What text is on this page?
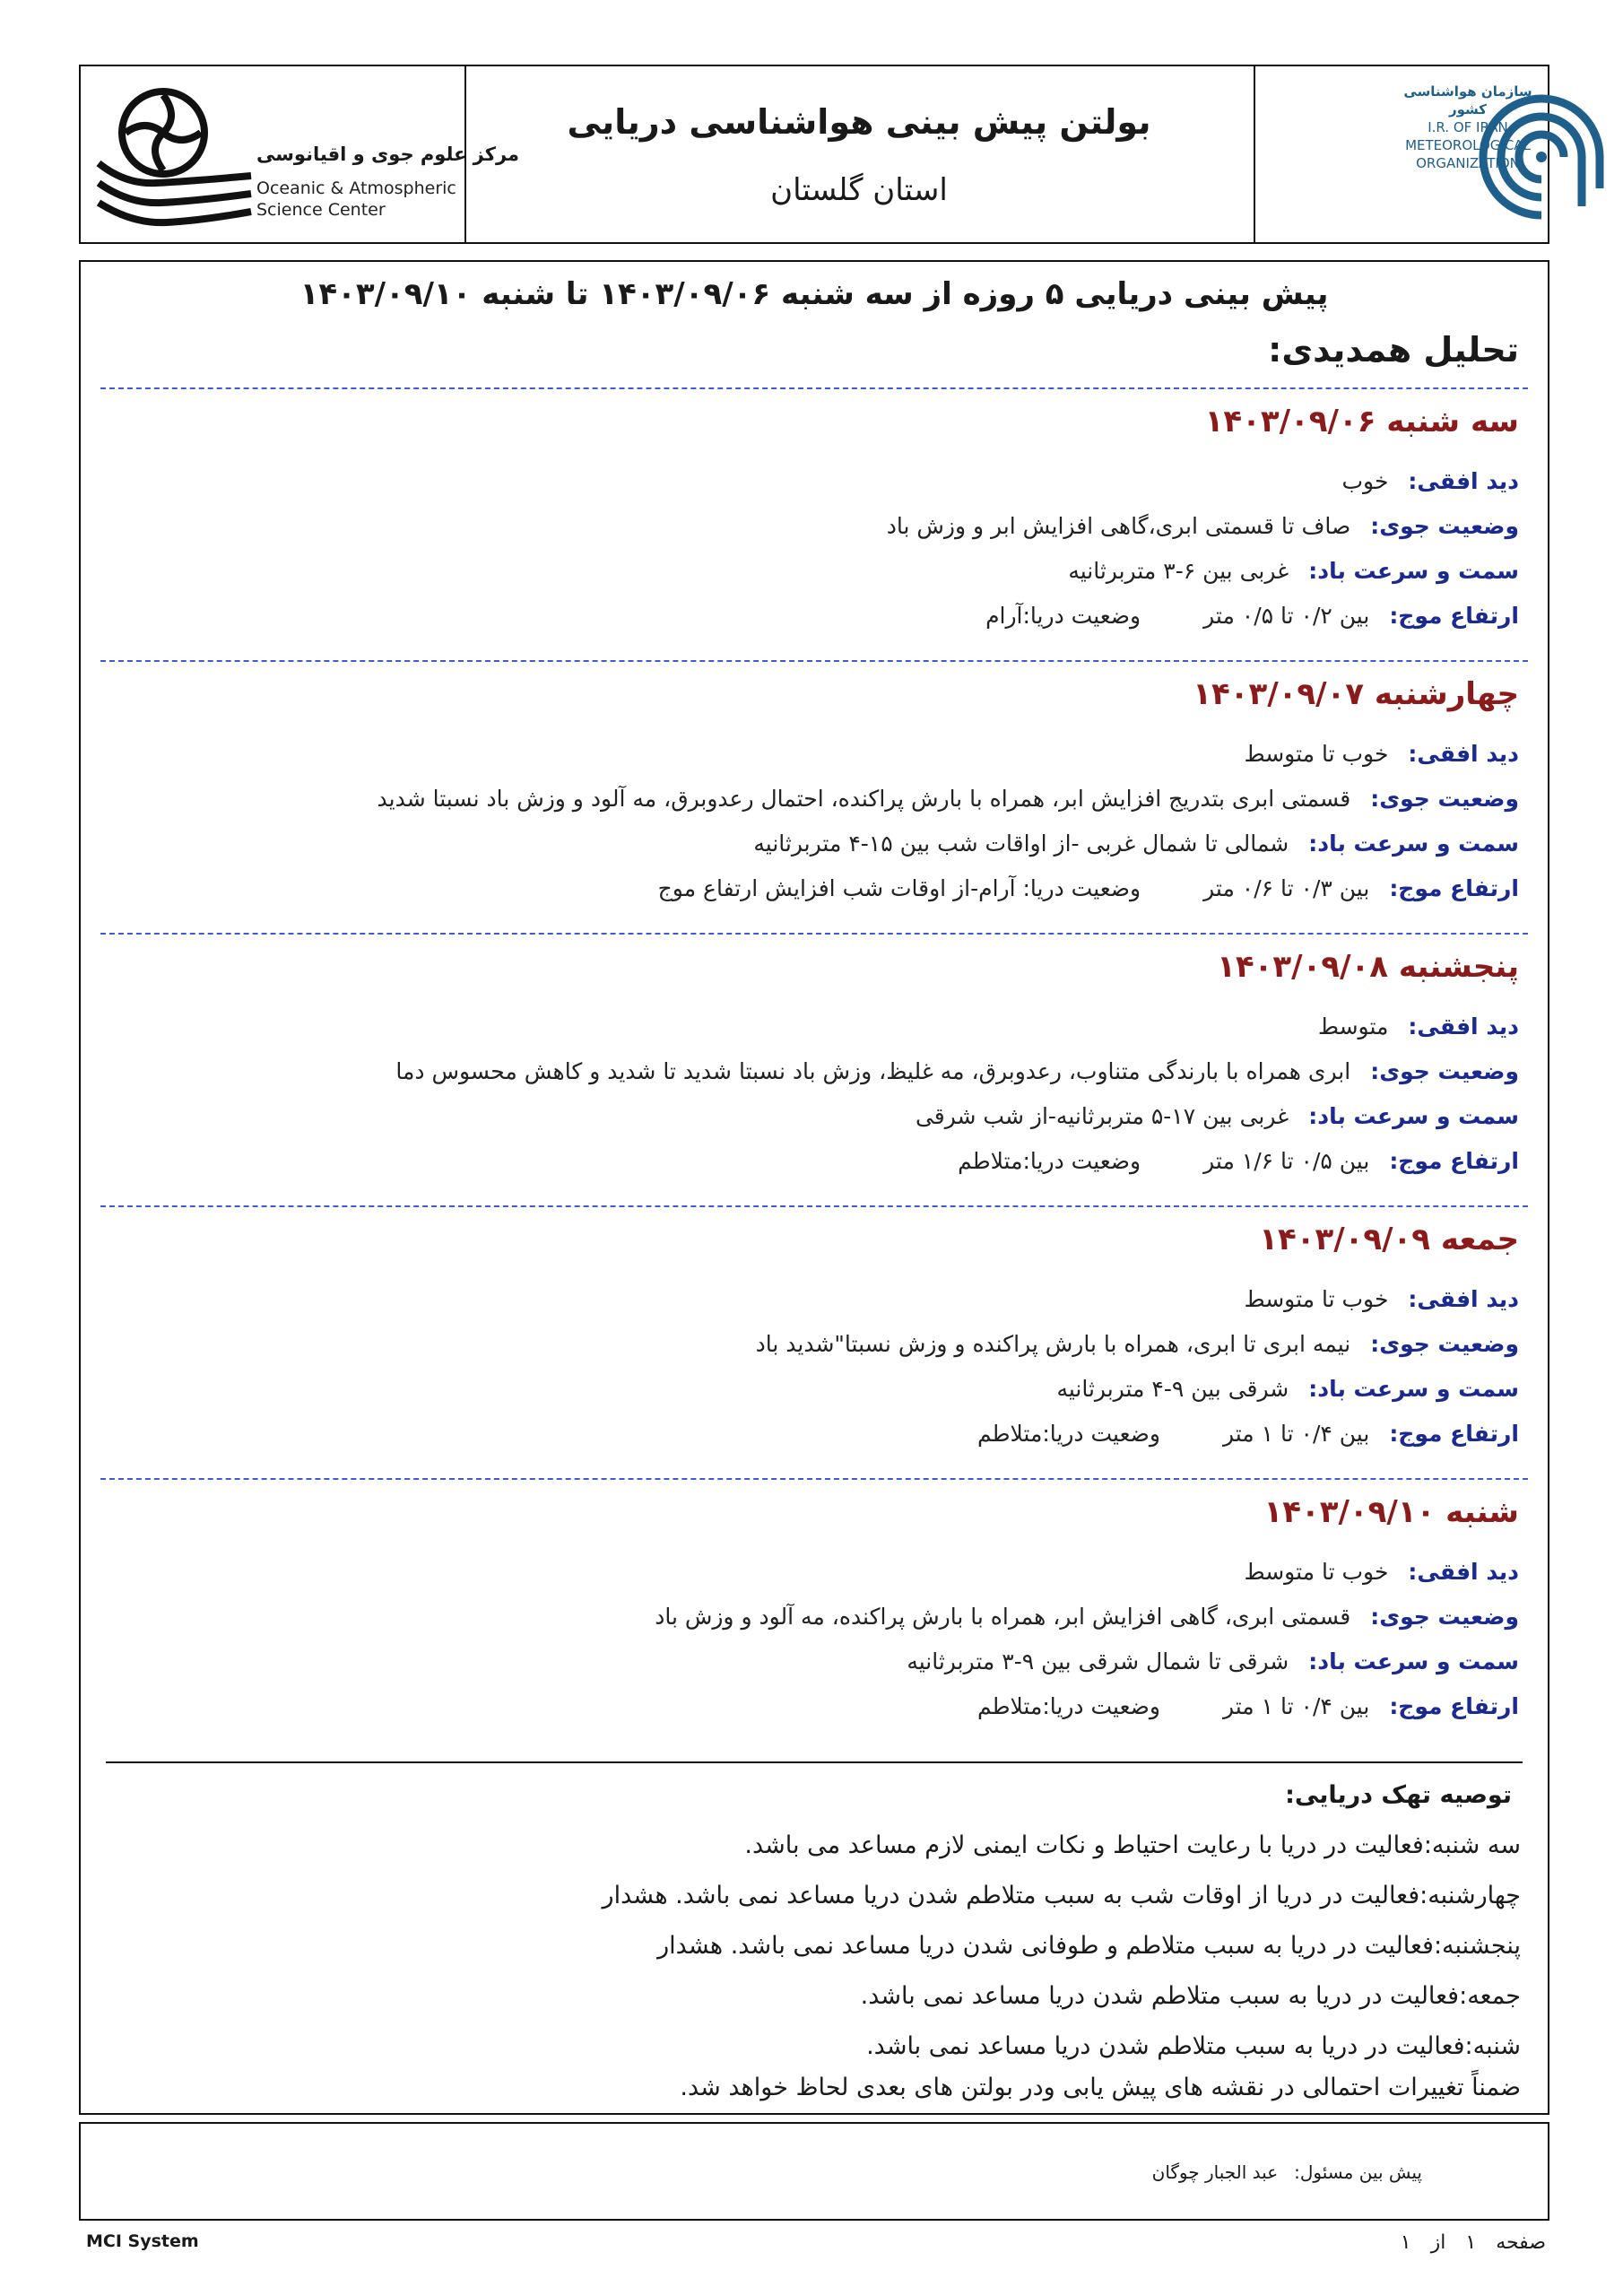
مرکز علوم جوی و اقیانوسی
Oceanic & Atmospheric
Science Center
بولتن پیش بینی هواشناسی دریایی
استان گلستان
سازمان هواشناسی کشور
I.R. OF IRAN
METEOROLOGICAL
ORGANIZATION
پیش بینی دریایی ۵ روزه از سه شنبه ۱۴۰۳/۰۹/۰۶ تا شنبه ۱۴۰۳/۰۹/۱۰
تحلیل همدیدی:
سه شنبه ۱۴۰۳/۰۹/۰۶
دید افقی:خوب
وضعیت جوی:صاف تا قسمتی ابری،گاهی افزایش ابر و وزش باد
سمت و سرعت باد:غربی بین ۶-۳ متربرثانیه
ارتفاع موج:بین ۰/۲ تا ۰/۵ متروضعیت دریا:آرام
چهارشنبه ۱۴۰۳/۰۹/۰۷
دید افقی:خوب تا متوسط
وضعیت جوی:قسمتی ابری بتدریج افزایش ابر، همراه با بارش پراکنده، احتمال رعدوبرق، مه آلود و وزش باد نسبتا شدید
سمت و سرعت باد:شمالی تا شمال غربی -از اواقات شب بین ۱۵-۴ متربرثانیه
ارتفاع موج:بین ۰/۳ تا ۰/۶ متروضعیت دریا: آرام-از اوقات شب افزایش ارتفاع موج
پنجشنبه ۱۴۰۳/۰۹/۰۸
دید افقی:متوسط
وضعیت جوی:ابری همراه با بارندگی متناوب، رعدوبرق، مه غلیظ، وزش باد نسبتا شدید تا شدید و کاهش محسوس دما
سمت و سرعت باد:غربی بین ۱۷-۵ متربرثانیه-از شب شرقی
ارتفاع موج:بین ۰/۵ تا ۱/۶ متروضعیت دریا:متلاطم
جمعه ۱۴۰۳/۰۹/۰۹
دید افقی:خوب تا متوسط
وضعیت جوی:نیمه ابری تا ابری، همراه با بارش پراکنده و وزش نسبتا"شدید باد
سمت و سرعت باد:شرقی بین ۹-۴ متربرثانیه
ارتفاع موج:بین ۰/۴ تا ۱ متروضعیت دریا:متلاطم
شنبه ۱۴۰۳/۰۹/۱۰
دید افقی:خوب تا متوسط
وضعیت جوی:قسمتی ابری، گاهی افزایش ابر، همراه با بارش پراکنده، مه آلود و وزش باد
سمت و سرعت باد:شرقی تا شمال شرقی بین ۹-۳ متربرثانیه
ارتفاع موج:بین ۰/۴ تا ۱ متروضعیت دریا:متلاطم
توصیه تهک دریایی:
سه شنبه:فعالیت در دریا با رعایت احتیاط و نکات ایمنی لازم مساعد می باشد.
چهارشنبه:فعالیت در دریا از اوقات شب به سبب متلاطم شدن دریا مساعد نمی باشد. هشدار
پنجشنبه:فعالیت در دریا به سبب متلاطم و طوفانی شدن دریا مساعد نمی باشد. هشدار
جمعه:فعالیت در دریا به سبب متلاطم شدن دریا مساعد نمی باشد.
شنبه:فعالیت در دریا به سبب متلاطم شدن دریا مساعد نمی باشد.
ضمناً تغییرات احتمالی در نقشه های پیش یابی ودر بولتن های بعدی لحاظ خواهد شد.
پیش بین مسئول:عبد الجبار چوگان
MCI System	صفحه۱از۱
